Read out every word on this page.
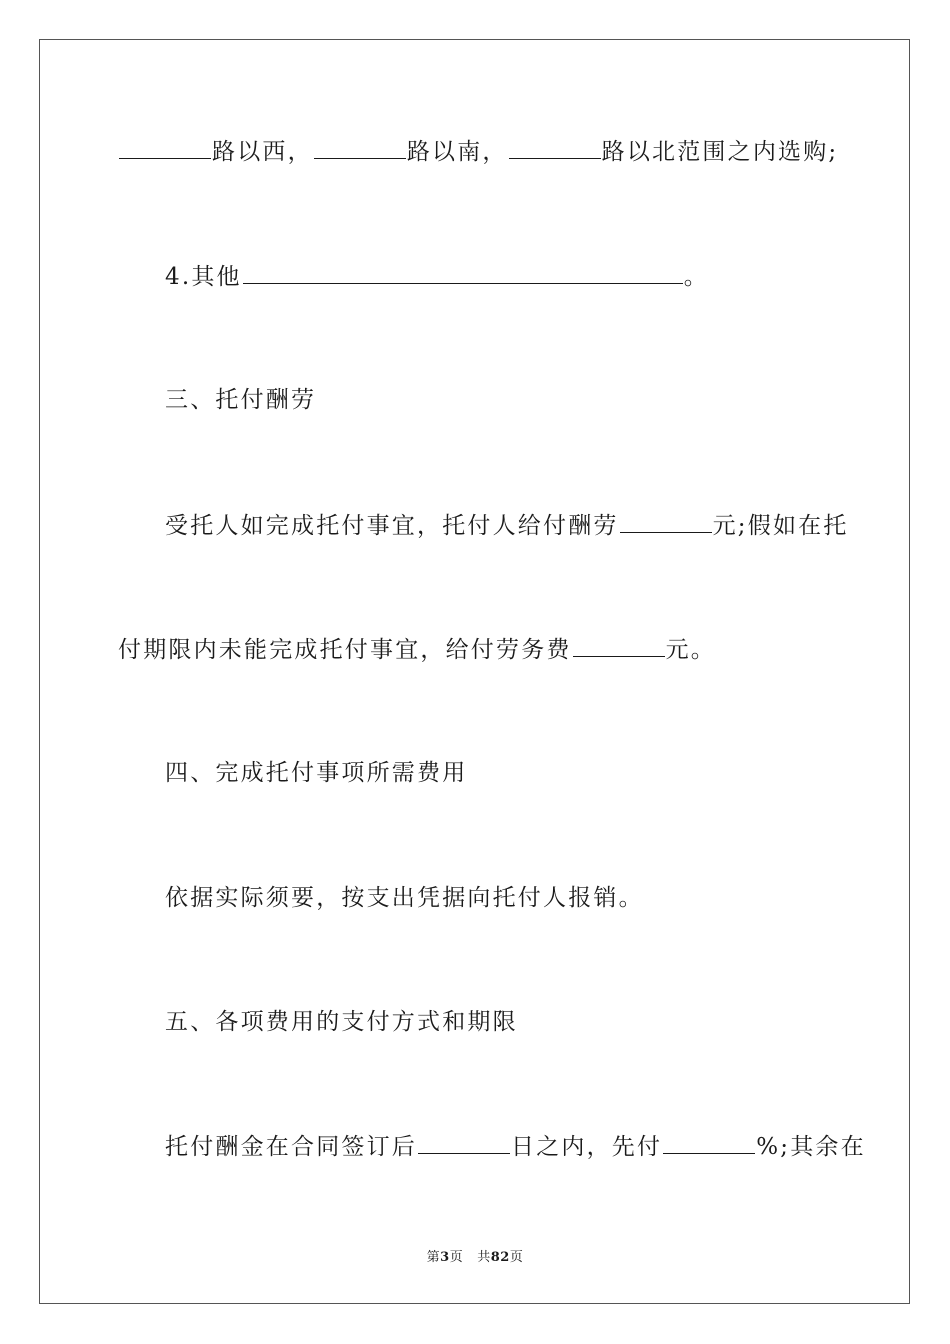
路以西，	路以南，	路以北范围之内选购;
4.其他	。
三、托付酬劳
受托人如完成托付事宜，托付人给付酬劳	元;假如在托
付期限内未能完成托付事宜，给付劳务费	元。
四、完成托付事项所需费用
依据实际须要，按支出凭据向托付人报销。
五、各项费用的支付方式和期限
托付酬金在合同签订后	日之内，先付	%;其余在
第3页 共82页
